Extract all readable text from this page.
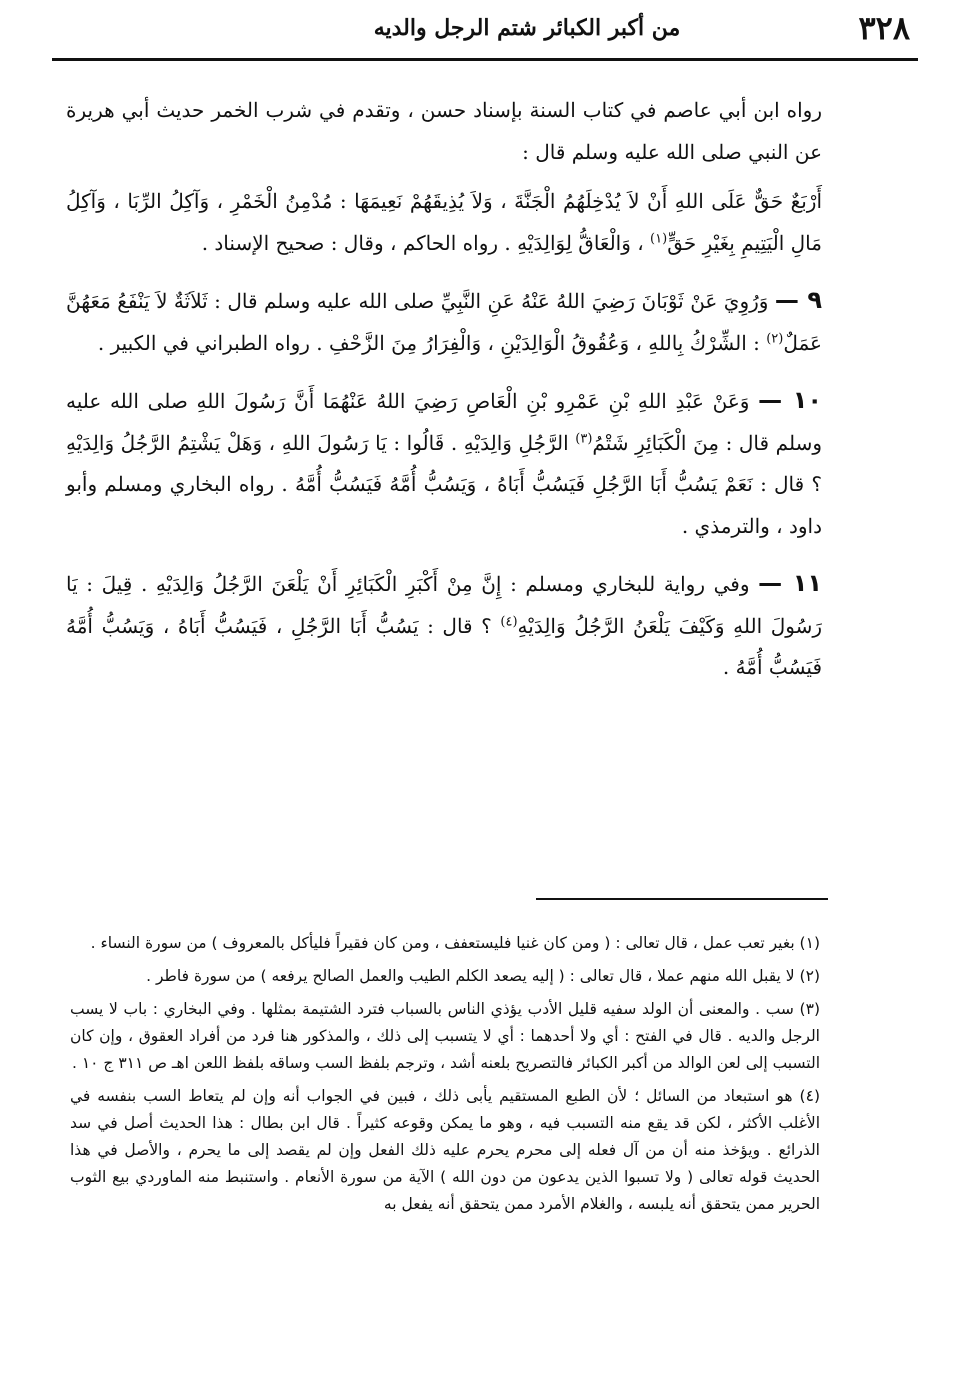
٣٢٨
من أكبر الكبائر شتم الرجل والديه

رواه ابن أبي عاصم في كتاب السنة بإسناد حسن ، وتقدم في شرب الخمر حديث أبي هريرة عن النبي صلى الله عليه وسلم قال :

أَرْبَعٌ حَقٌّ عَلَى اللهِ أَنْ لاَ يُدْخِلَهُمُ الْجَنَّةَ ، وَلاَ يُذِيقَهُمْ نَعِيمَهَا : مُدْمِنُ الْخَمْرِ ، وَآكِلُ الرِّبَا ، وَآكِلُ مَالِ الْيَتِيمِ بِغَيْرِ حَقٍّ$^{(١)}$ ، وَالْعَاقُّ لِوَالِدَيْهِ . رواه الحاكم ، وقال : صحيح الإسناد .

٩ — وَرُوِيَ عَنْ ثَوْبَانَ رَضِيَ اللهُ عَنْهُ عَنِ النَّبِيِّ صلى الله عليه وسلم قال : ثَلاَثَةٌ لاَ يَنْفَعُ مَعَهُنَّ عَمَلٌ$^{(٢)}$ : الشِّرْكُ بِاللهِ ، وَعُقُوقُ الْوَالِدَيْنِ ، وَالْفِرَارُ مِنَ الزَّحْفِ . رواه الطبراني في الكبير .

١٠ — وَعَنْ عَبْدِ اللهِ بْنِ عَمْرِو بْنِ الْعَاصِ رَضِيَ اللهُ عَنْهُمَا أَنَّ رَسُولَ اللهِ صلى الله عليه وسلم قال : مِنَ الْكَبَائِرِ شَتْمُ$^{(٣)}$ الرَّجُلِ وَالِدَيْهِ . قَالُوا : يَا رَسُولَ اللهِ ، وَهَلْ يَشْتِمُ الرَّجُلُ وَالِدَيْهِ ؟ قال : نَعَمْ يَسُبُّ أَبَا الرَّجُلِ فَيَسُبُّ أَبَاهُ ، وَيَسُبُّ أُمَّهُ فَيَسُبُّ أُمَّهُ . رواه البخاري ومسلم وأبو داود ، والترمذي .

١١ — وفي رواية للبخاري ومسلم : إِنَّ مِنْ أَكْبَرِ الْكَبَائِرِ أَنْ يَلْعَنَ الرَّجُلُ وَالِدَيْهِ . قِيلَ : يَا رَسُولَ اللهِ وَكَيْفَ يَلْعَنُ الرَّجُلُ وَالِدَيْهِ$^{(٤)}$ ؟ قال : يَسُبُّ أَبَا الرَّجُلِ ، فَيَسُبُّ أَبَاهُ ، وَيَسُبُّ أُمَّهُ فَيَسُبُّ أُمَّهُ .

(١) بغير تعب عمل ، قال تعالى : ( ومن كان غنيا فليستعفف ، ومن كان فقيراً فليأكل بالمعروف ) من سورة النساء .

(٢) لا يقبل الله منهم عملا ، قال تعالى : ( إليه يصعد الكلم الطيب والعمل الصالح يرفعه ) من سورة فاطر .

(٣) سب . والمعنى أن الولد سفيه قليل الأدب يؤذي الناس بالسباب فترد الشتيمة بمثلها . وفي البخاري : باب لا يسب الرجل والديه . قال في الفتح : أي ولا أحدهما : أي لا يتسبب إلى ذلك ، والمذكور هنا فرد من أفراد العقوق ، وإن كان التسبب إلى لعن الوالد من أكبر الكبائر فالتصريح بلعنه أشد ، وترجم بلفظ السب وساقه بلفظ اللعن اهـ ص ٣١١ ج ١٠ .

(٤) هو استبعاد من السائل ؛ لأن الطبع المستقيم يأبى ذلك ، فبين في الجواب أنه وإن لم يتعاط السب بنفسه في الأغلب الأكثر ، لكن قد يقع منه التسبب فيه ، وهو ما يمكن وقوعه كثيراً . قال ابن بطال : هذا الحديث أصل في سد الذرائع . ويؤخذ منه أن من آل فعله إلى محرم يحرم عليه ذلك الفعل وإن لم يقصد إلى ما يحرم ، والأصل في هذا الحديث قوله تعالى ( ولا تسبوا الذين يدعون من دون الله ) الآية من سورة الأنعام . واستنبط منه الماوردي بيع الثوب الحرير ممن يتحقق أنه يلبسه ، والغلام الأمرد ممن يتحقق أنه يفعل به
